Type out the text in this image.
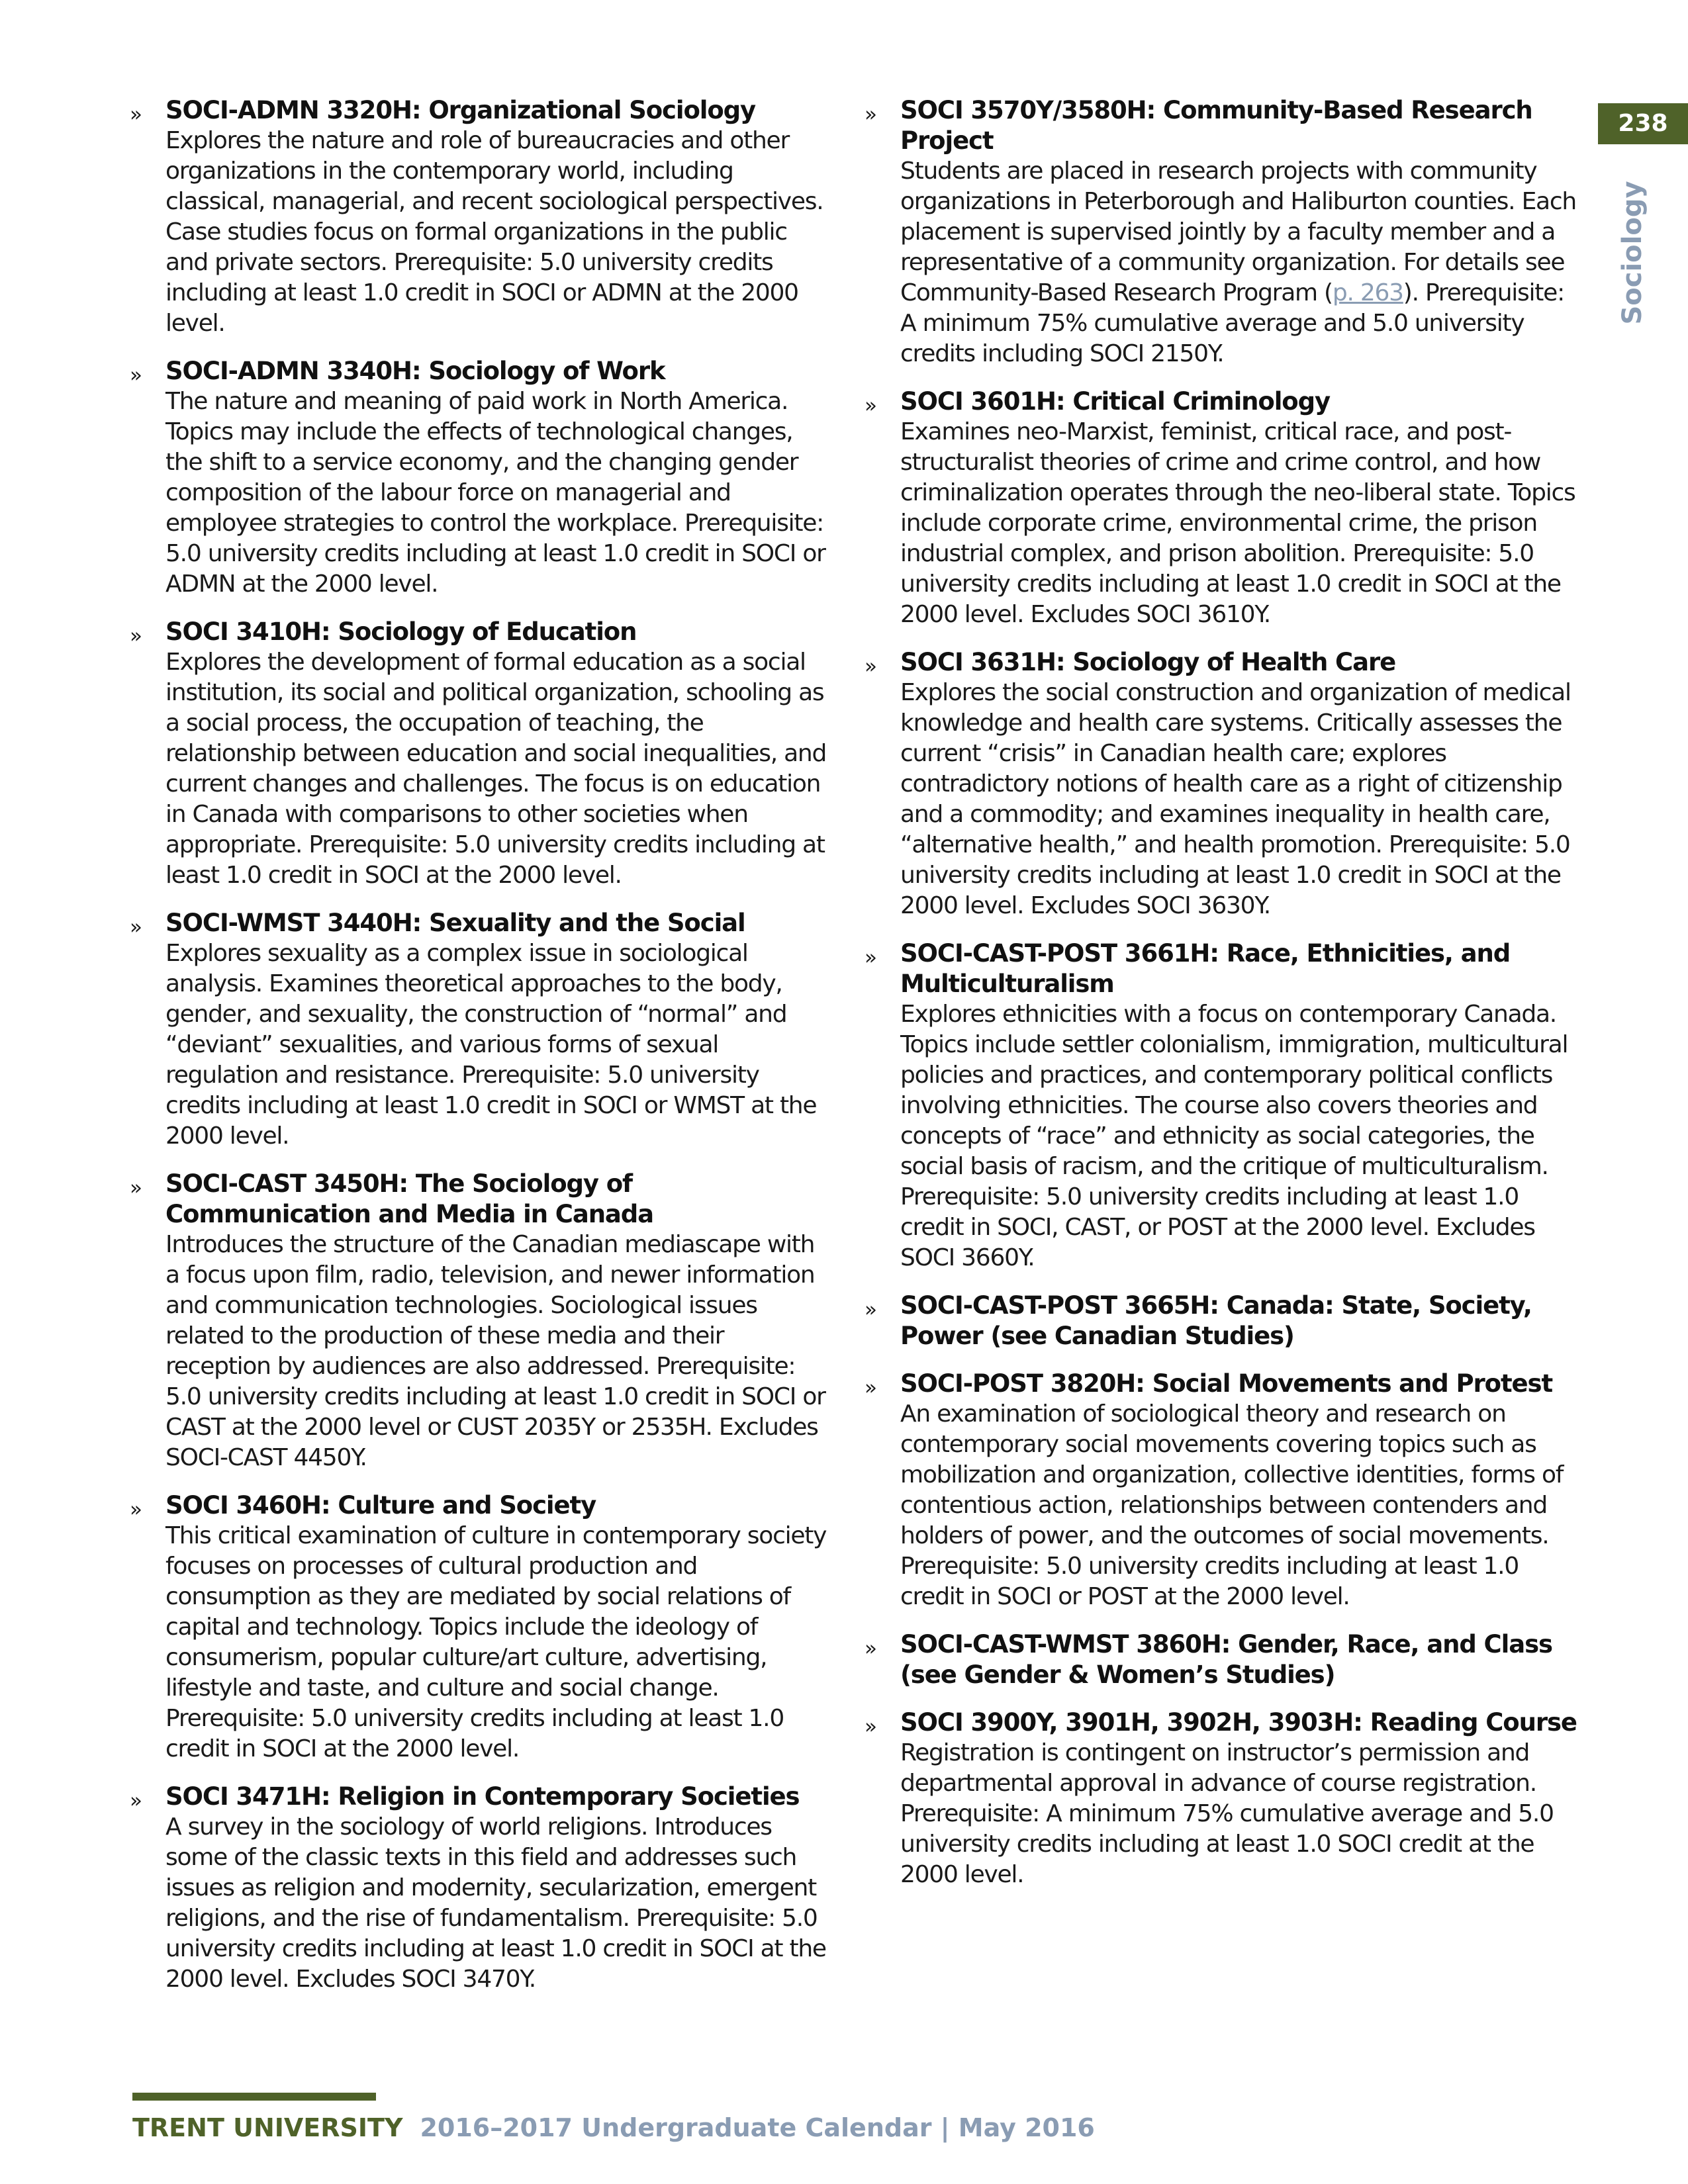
238
Sociology
» SOCI-ADMN 3320H: Organizational Sociology
Explores the nature and role of bureaucracies and other organizations in the contemporary world, including classical, managerial, and recent sociological perspectives. Case studies focus on formal organizations in the public and private sectors. Prerequisite: 5.0 university credits including at least 1.0 credit in SOCI or ADMN at the 2000 level.
» SOCI-ADMN 3340H: Sociology of Work
The nature and meaning of paid work in North America. Topics may include the effects of technological changes, the shift to a service economy, and the changing gender composition of the labour force on managerial and employee strategies to control the workplace. Prerequisite: 5.0 university credits including at least 1.0 credit in SOCI or ADMN at the 2000 level.
» SOCI 3410H: Sociology of Education
Explores the development of formal education as a social institution, its social and political organization, schooling as a social process, the occupation of teaching, the relationship between education and social inequalities, and current changes and challenges. The focus is on education in Canada with comparisons to other societies when appropriate. Prerequisite: 5.0 university credits including at least 1.0 credit in SOCI at the 2000 level.
» SOCI-WMST 3440H: Sexuality and the Social
Explores sexuality as a complex issue in sociological analysis. Examines theoretical approaches to the body, gender, and sexuality, the construction of “normal” and “deviant” sexualities, and various forms of sexual regulation and resistance. Prerequisite: 5.0 university credits including at least 1.0 credit in SOCI or WMST at the 2000 level.
» SOCI-CAST 3450H: The Sociology of Communication and Media in Canada
Introduces the structure of the Canadian mediascape with a focus upon film, radio, television, and newer information and communication technologies. Sociological issues related to the production of these media and their reception by audiences are also addressed. Prerequisite: 5.0 university credits including at least 1.0 credit in SOCI or CAST at the 2000 level or CUST 2035Y or 2535H. Excludes SOCI-CAST 4450Y.
» SOCI 3460H: Culture and Society
This critical examination of culture in contemporary society focuses on processes of cultural production and consumption as they are mediated by social relations of capital and technology. Topics include the ideology of consumerism, popular culture/art culture, advertising, lifestyle and taste, and culture and social change. Prerequisite: 5.0 university credits including at least 1.0 credit in SOCI at the 2000 level.
» SOCI 3471H: Religion in Contemporary Societies
A survey in the sociology of world religions. Introduces some of the classic texts in this field and addresses such issues as religion and modernity, secularization, emergent religions, and the rise of fundamentalism. Prerequisite: 5.0 university credits including at least 1.0 credit in SOCI at the 2000 level. Excludes SOCI 3470Y.
» SOCI 3570Y/3580H: Community-Based Research Project
Students are placed in research projects with community organizations in Peterborough and Haliburton counties. Each placement is supervised jointly by a faculty member and a representative of a community organization. For details see Community-Based Research Program (p. 263). Prerequisite: A minimum 75% cumulative average and 5.0 university credits including SOCI 2150Y.
» SOCI 3601H: Critical Criminology
Examines neo-Marxist, feminist, critical race, and post-structuralist theories of crime and crime control, and how criminalization operates through the neo-liberal state. Topics include corporate crime, environmental crime, the prison industrial complex, and prison abolition. Prerequisite: 5.0 university credits including at least 1.0 credit in SOCI at the 2000 level. Excludes SOCI 3610Y.
» SOCI 3631H: Sociology of Health Care
Explores the social construction and organization of medical knowledge and health care systems. Critically assesses the current “crisis” in Canadian health care; explores contradictory notions of health care as a right of citizenship and a commodity; and examines inequality in health care, “alternative health,” and health promotion. Prerequisite: 5.0 university credits including at least 1.0 credit in SOCI at the 2000 level. Excludes SOCI 3630Y.
» SOCI-CAST-POST 3661H: Race, Ethnicities, and Multiculturalism
Explores ethnicities with a focus on contemporary Canada. Topics include settler colonialism, immigration, multicultural policies and practices, and contemporary political conflicts involving ethnicities. The course also covers theories and concepts of “race” and ethnicity as social categories, the social basis of racism, and the critique of multiculturalism. Prerequisite: 5.0 university credits including at least 1.0 credit in SOCI, CAST, or POST at the 2000 level. Excludes SOCI 3660Y.
» SOCI-CAST-POST 3665H: Canada: State, Society, Power (see Canadian Studies)
» SOCI-POST 3820H: Social Movements and Protest
An examination of sociological theory and research on contemporary social movements covering topics such as mobilization and organization, collective identities, forms of contentious action, relationships between contenders and holders of power, and the outcomes of social movements. Prerequisite: 5.0 university credits including at least 1.0 credit in SOCI or POST at the 2000 level.
» SOCI-CAST-WMST 3860H: Gender, Race, and Class (see Gender & Women’s Studies)
» SOCI 3900Y, 3901H, 3902H, 3903H: Reading Course
Registration is contingent on instructor’s permission and departmental approval in advance of course registration. Prerequisite: A minimum 75% cumulative average and 5.0 university credits including at least 1.0 SOCI credit at the 2000 level.
TRENT UNIVERSITY 2016–2017 Undergraduate Calendar | May 2016
